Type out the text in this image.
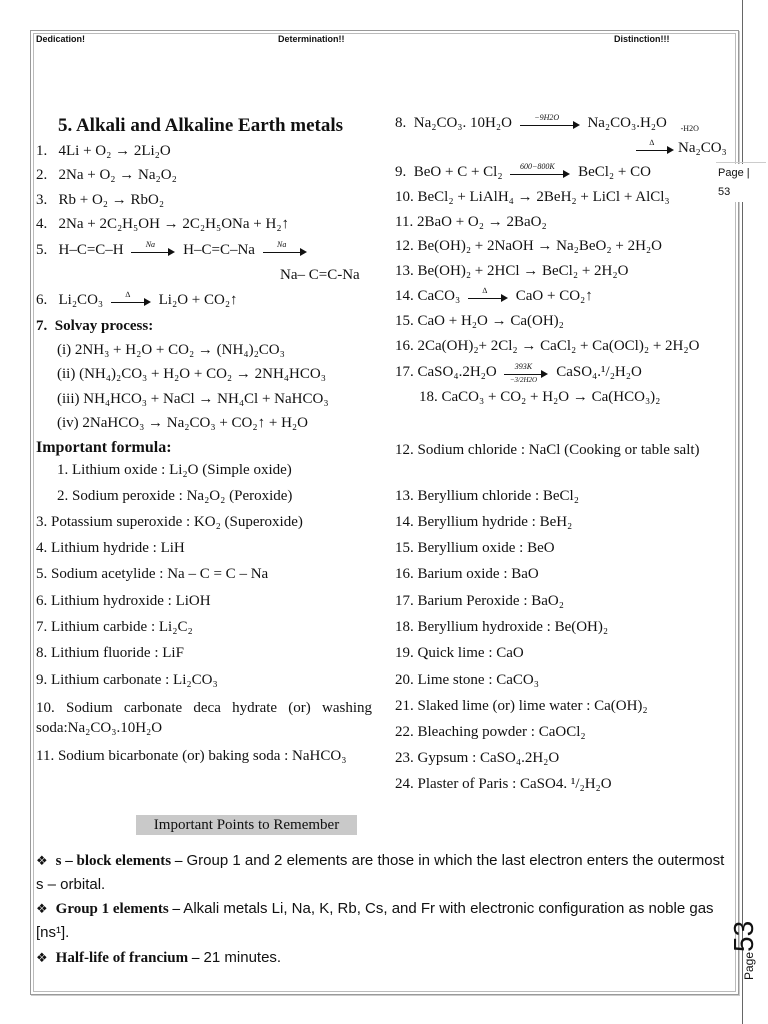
Dedication!	Determination!!	Distinction!!!
Page |
53
Page53
5. Alkali and Alkaline Earth metals
1. 4Li + O₂ → 2Li₂O
2. 2Na + O₂ → Na₂O₂
3. Rb + O₂ → RbO₂
4. 2Na + 2C₂H₅OH → 2C₂H₅ONa + H₂↑
5. H–C=C–H	Na	H–C=C–Na	Na
Na– C=C-Na
6. Li₂CO₃	∆	Li₂O + CO₂↑
7. Solvay process:
(i) 2NH₃ + H₂O + CO₂ → (NH₄)₂CO₃
(ii) (NH₄)₂CO₃ + H₂O + CO₂ → 2NH₄HCO₃
(iii) NH₄HCO₃ + NaCl → NH₄Cl + NaHCO₃
(iv) 2NaHCO₃ → Na₂CO₃ + CO₂↑ + H₂O
8. Na₂CO₃. 10H₂O	−9H2O	Na₂CO₃.H₂O $_{-H2O}$
∆	Na₂CO₃
9. BeO + C + Cl₂	600−800K	BeCl₂ + CO
10. BeCl₂ + LiAlH₄ → 2BeH₂ + LiCl + AlCl₃
11. 2BaO + O₂ → 2BaO₂
12. Be(OH)₂ + 2NaOH → Na₂BeO₂ + 2H₂O
13. Be(OH)₂ + 2HCl → BeCl₂ + 2H₂O
14. CaCO₃	∆	CaO + CO₂↑
15. CaO + H₂O → Ca(OH)₂
16. 2Ca(OH)₂+ 2Cl₂ → CaCl₂ + Ca(OCl)₂ + 2H₂O
17. CaSO₄.2H₂O $\frac{393K}{-3/2H2O}$ CaSO₄.¹/₂H₂O
18. CaCO₃ + CO₂ + H₂O → Ca(HCO₃)₂
Important formula:
1. Lithium oxide : Li₂O (Simple oxide)
2. Sodium peroxide : Na₂O₂ (Peroxide)
3. Potassium superoxide : KO₂ (Superoxide)
4. Lithium hydride : LiH
5. Sodium acetylide : Na – C = C – Na
6. Lithium hydroxide : LiOH
7. Lithium carbide : Li₂C₂
8. Lithium fluoride : LiF
9. Lithium carbonate : Li₂CO₃
10. Sodium carbonate deca hydrate (or) washing soda:Na₂CO₃.10H₂O
11. Sodium bicarbonate (or) baking soda : NaHCO₃
12. Sodium chloride : NaCl (Cooking or table salt)
13. Beryllium chloride : BeCl₂
14. Beryllium hydride : BeH₂
15. Beryllium oxide : BeO
16. Barium oxide : BaO
17. Barium Peroxide : BaO₂
18. Beryllium hydroxide : Be(OH)₂
19. Quick lime : CaO
20. Lime stone : CaCO₃
21. Slaked lime (or) lime water : Ca(OH)₂
22. Bleaching powder : CaOCl₂
23. Gypsum : CaSO₄.2H₂O
24. Plaster of Paris : CaSO4. ¹/₂H₂O
Important Points to Remember
❖ s – block elements – Group 1 and 2 elements are those in which the last electron enters the outermost s – orbital.
❖ Group 1 elements – Alkali metals Li, Na, K, Rb, Cs, and Fr with electronic configuration as noble gas [ns¹].
❖ Half-life of francium – 21 minutes.
